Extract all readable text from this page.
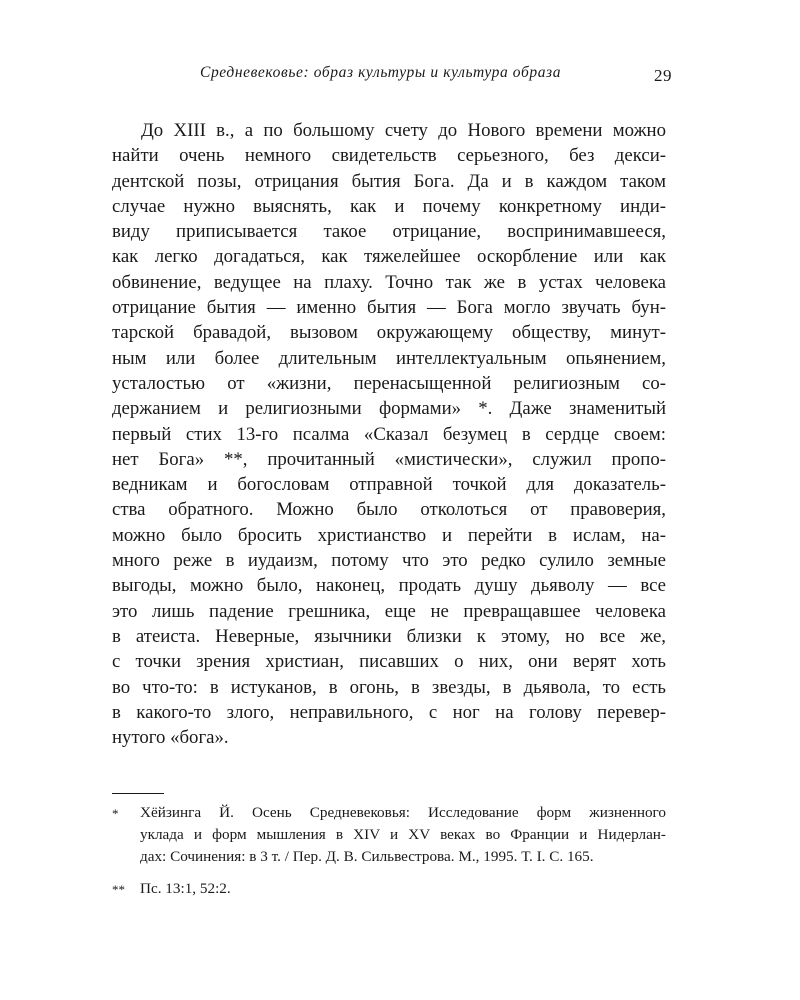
Средневековье: образ культуры и культура образа	29
До XIII в., а по большому счету до Нового времени можно
найти очень немного свидетельств серьезного, без декси-
дентской позы, отрицания бытия Бога. Да и в каждом таком
случае нужно выяснять, как и почему конкретному инди-
виду приписывается такое отрицание, воспринимавшееся,
как легко догадаться, как тяжелейшее оскорбление или как
обвинение, ведущее на плаху. Точно так же в устах человека
отрицание бытия — именно бытия — Бога могло звучать бун-
тарской бравадой, вызовом окружающему обществу, минут-
ным или более длительным интеллектуальным опьянением,
усталостью от «жизни, перенасыщенной религиозным со-
держанием и религиозными формами» *. Даже знаменитый
первый стих 13-го псалма «Сказал безумец в сердце своем:
нет Бога» **, прочитанный «мистически», служил пропо-
ведникам и богословам отправной точкой для доказатель-
ства обратного. Можно было отколоться от правоверия,
можно было бросить христианство и перейти в ислам, на-
много реже в иудаизм, потому что это редко сулило земные
выгоды, можно было, наконец, продать душу дьяволу — все
это лишь падение грешника, еще не превращавшее человека
в атеиста. Неверные, язычники близки к этому, но все же,
с точки зрения христиан, писавших о них, они верят хоть
во что-то: в истуканов, в огонь, в звезды, в дьявола, то есть
в какого-то злого, неправильного, с ног на голову перевер-
нутого «бога».
* Хёйзинга Й. Осень Средневековья: Исследование форм жизненного
уклада и форм мышления в XIV и XV веках во Франции и Нидерлан-
дах: Сочинения: в 3 т. / Пер. Д. В. Сильвестрова. М., 1995. Т. I. С. 165.
** Пс. 13:1, 52:2.
